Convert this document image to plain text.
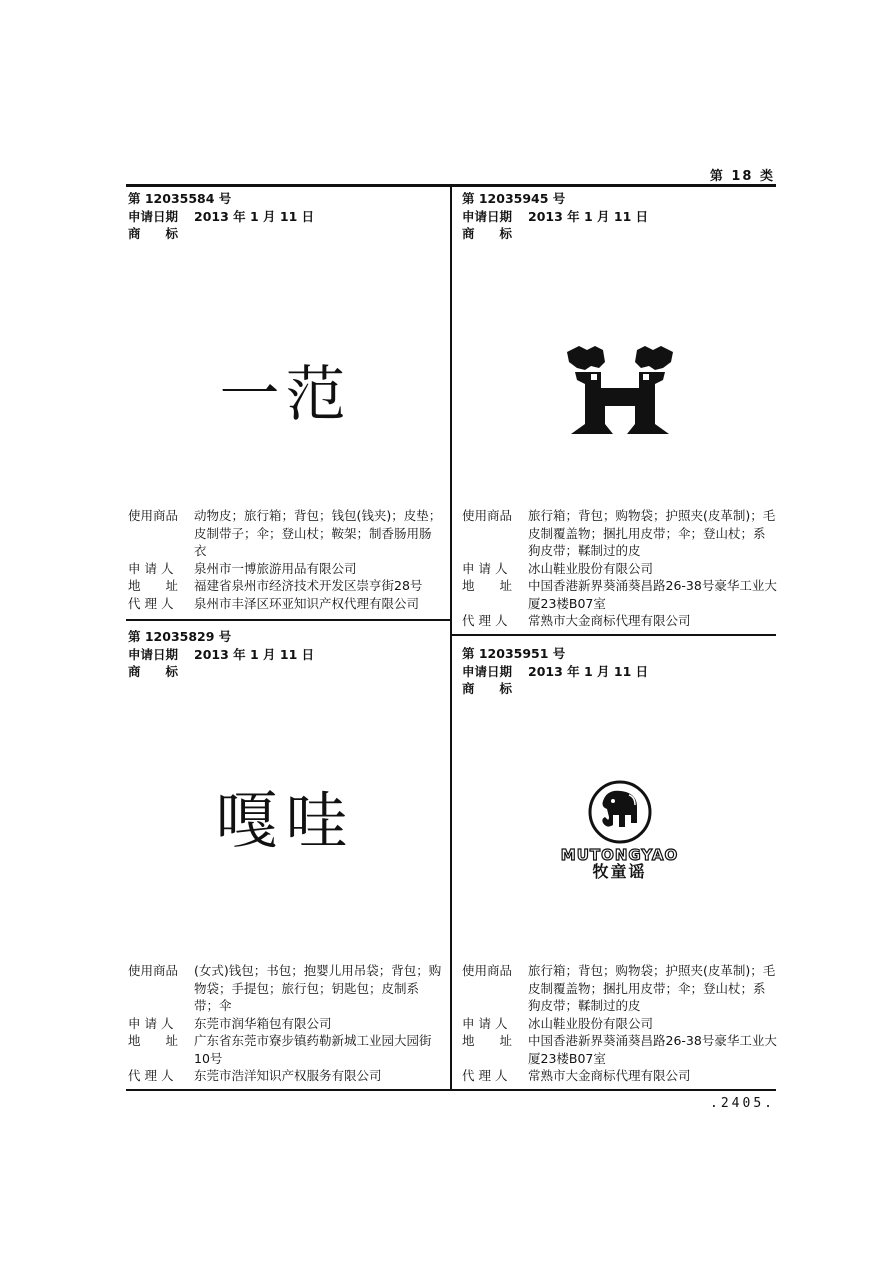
第 18 类
第 12035584 号
申请日期 2013 年 1 月 11 日
商　　标
一范
使用商品	动物皮；旅行箱；背包；钱包(钱夹)；皮垫；皮制带子；伞；登山杖；鞍架；制香肠用肠衣
申 请 人	泉州市一博旅游用品有限公司
地　　址	福建省泉州市经济技术开发区崇亨街28号
代 理 人	泉州市丰泽区环亚知识产权代理有限公司
第 12035945 号
申请日期 2013 年 1 月 11 日
商　　标
使用商品	旅行箱；背包；购物袋；护照夹(皮革制)；毛皮制覆盖物；捆扎用皮带；伞；登山杖；系狗皮带；鞣制过的皮
申 请 人	冰山鞋业股份有限公司
地　　址	中国香港新界葵涌葵昌路26-38号豪华工业大厦23楼B07室
代 理 人	常熟市大金商标代理有限公司
第 12035829 号
申请日期 2013 年 1 月 11 日
商　　标
嘎哇
使用商品	(女式)钱包；书包；抱婴儿用吊袋；背包；购物袋；手提包；旅行包；钥匙包；皮制系带；伞
申 请 人	东莞市润华箱包有限公司
地　　址	广东省东莞市寮步镇药勒新城工业园大园街10号
代 理 人	东莞市浩洋知识产权服务有限公司
第 12035951 号
申请日期 2013 年 1 月 11 日
商　　标
MUTONGYAO
牧童谣
使用商品	旅行箱；背包；购物袋；护照夹(皮革制)；毛皮制覆盖物；捆扎用皮带；伞；登山杖；系狗皮带；鞣制过的皮
申 请 人	冰山鞋业股份有限公司
地　　址	中国香港新界葵涌葵昌路26-38号豪华工业大厦23楼B07室
代 理 人	常熟市大金商标代理有限公司
.2405.
